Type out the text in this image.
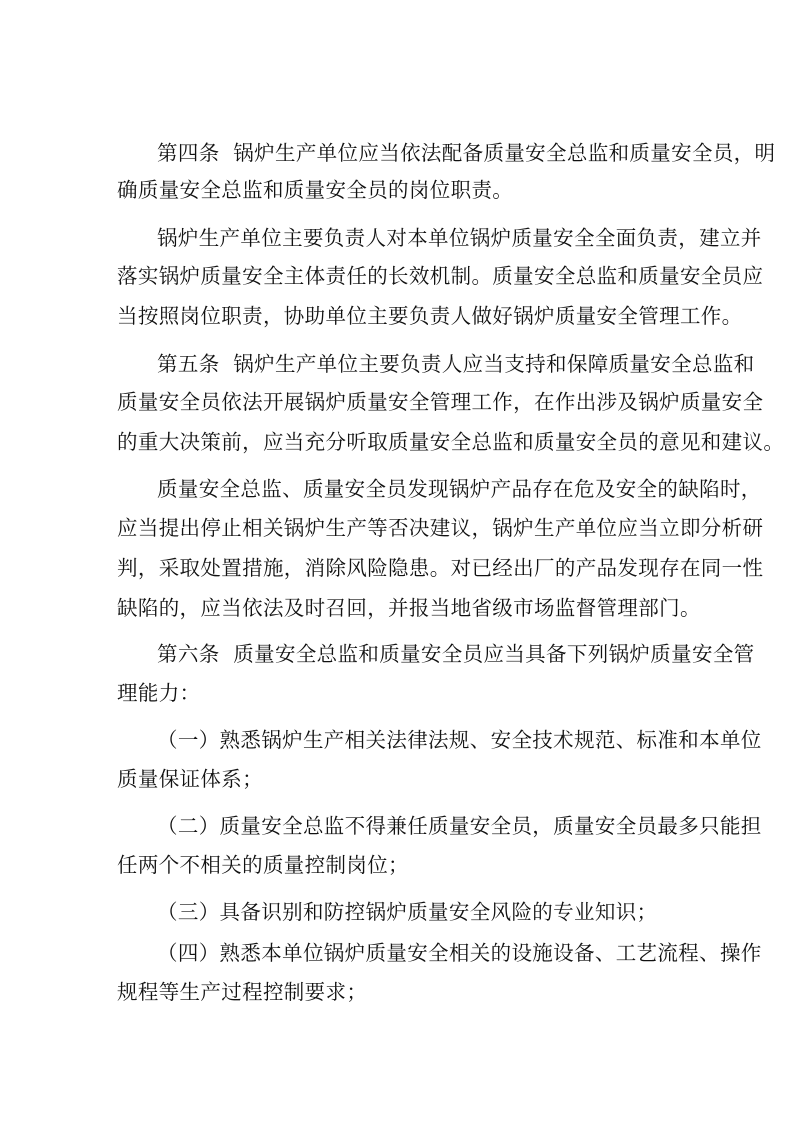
第四条  锅炉生产单位应当依法配备质量安全总监和质量安全员，明
确质量安全总监和质量安全员的岗位职责。
锅炉生产单位主要负责人对本单位锅炉质量安全全面负责，建立并
落实锅炉质量安全主体责任的长效机制。质量安全总监和质量安全员应
当按照岗位职责，协助单位主要负责人做好锅炉质量安全管理工作。
第五条  锅炉生产单位主要负责人应当支持和保障质量安全总监和
质量安全员依法开展锅炉质量安全管理工作，在作出涉及锅炉质量安全
的重大决策前，应当充分听取质量安全总监和质量安全员的意见和建议。
质量安全总监、质量安全员发现锅炉产品存在危及安全的缺陷时，
应当提出停止相关锅炉生产等否决建议，锅炉生产单位应当立即分析研
判，采取处置措施，消除风险隐患。对已经出厂的产品发现存在同一性
缺陷的，应当依法及时召回，并报当地省级市场监督管理部门。
第六条  质量安全总监和质量安全员应当具备下列锅炉质量安全管
理能力：
（一）熟悉锅炉生产相关法律法规、安全技术规范、标准和本单位
质量保证体系；
（二）质量安全总监不得兼任质量安全员，质量安全员最多只能担
任两个不相关的质量控制岗位；
（三）具备识别和防控锅炉质量安全风险的专业知识；
（四）熟悉本单位锅炉质量安全相关的设施设备、工艺流程、操作
规程等生产过程控制要求；
